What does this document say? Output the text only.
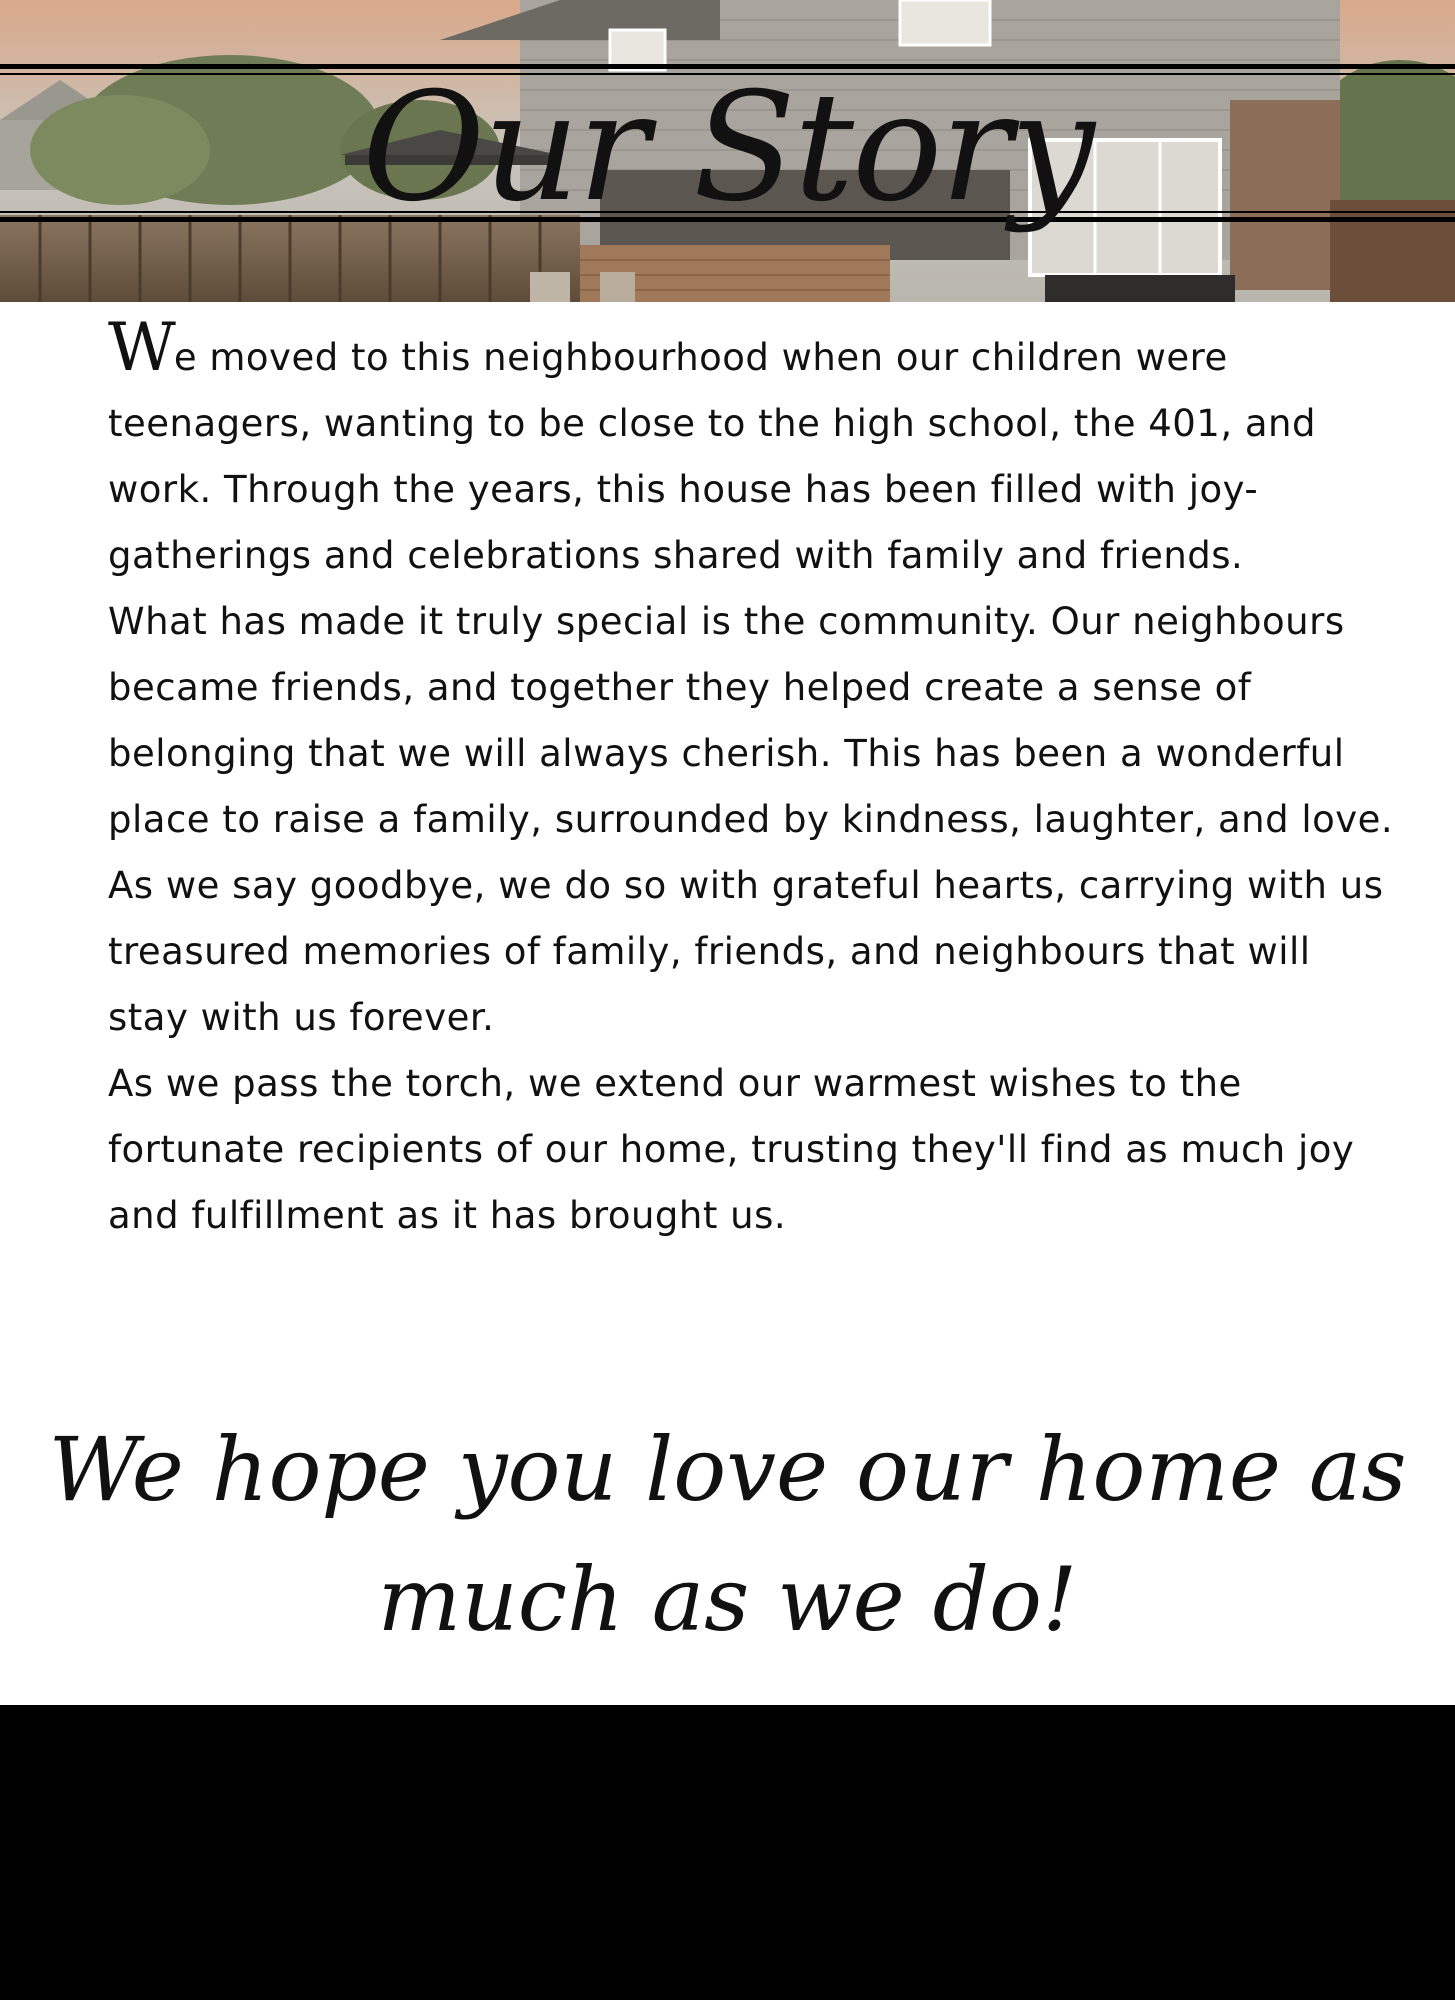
Our Story

We moved to this neighbourhood when our children were teenagers, wanting to be close to the high school, the 401, and work. Through the years, this house has been filled with joy-gatherings and celebrations shared with family and friends.

What has made it truly special is the community. Our neighbours became friends, and together they helped create a sense of belonging that we will always cherish. This has been a wonderful place to raise a family, surrounded by kindness, laughter, and love.

As we say goodbye, we do so with grateful hearts, carrying with us treasured memories of family, friends, and neighbours that will stay with us forever.

As we pass the torch, we extend our warmest wishes to the fortunate recipients of our home, trusting they'll find as much joy and fulfillment as it has brought us.

We hope you love our home as
much as we do!
